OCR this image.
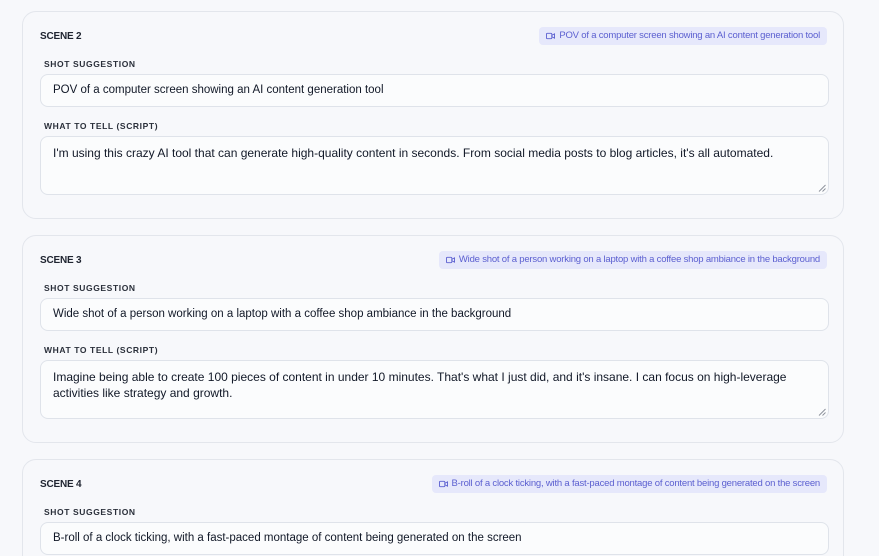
SCENE 2	POV of a computer screen showing an AI content generation tool
SHOT SUGGESTION
POV of a computer screen showing an AI content generation tool
WHAT TO TELL (SCRIPT)
I'm using this crazy AI tool that can generate high-quality content in seconds. From social media posts to blog articles, it's all automated.
SCENE 3	Wide shot of a person working on a laptop with a coffee shop ambiance in the background
SHOT SUGGESTION
Wide shot of a person working on a laptop with a coffee shop ambiance in the background
WHAT TO TELL (SCRIPT)
Imagine being able to create 100 pieces of content in under 10 minutes. That's what I just did, and it's insane. I can focus on high-leverage activities like strategy and growth.
SCENE 4	B-roll of a clock ticking, with a fast-paced montage of content being generated on the screen
SHOT SUGGESTION
B-roll of a clock ticking, with a fast-paced montage of content being generated on the screen
